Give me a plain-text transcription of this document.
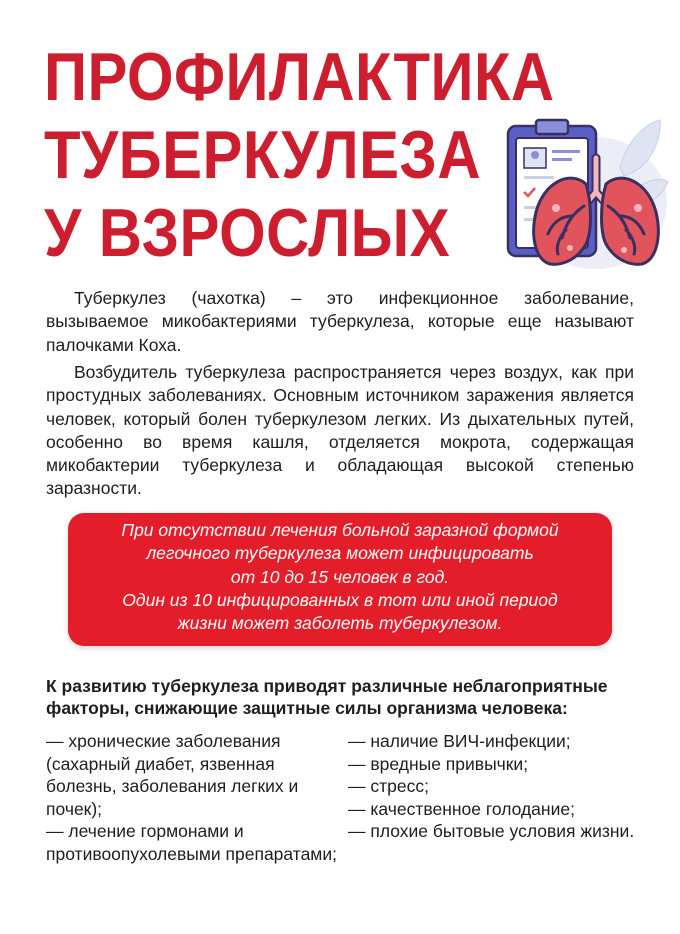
ПРОФИЛАКТИКА
ТУБЕРКУЛЕЗА
У ВЗРОСЛЫХ

Туберкулез (чахотка) – это инфекционное заболевание, вызываемое микобактериями туберкулеза, которые еще называют палочками Коха.

Возбудитель туберкулеза распространяется через воздух, как при простудных заболеваниях. Основным источником заражения является человек, который болен туберкулезом легких. Из дыхательных путей, особенно во время кашля, отделяется мокрота, содержащая микобактерии туберкулеза и обладающая высокой степенью заразности.

При отсутствии лечения больной заразной формой
легочного туберкулеза может инфицировать
от 10 до 15 человек в год.
Один из 10 инфицированных в тот или иной период
жизни может заболеть туберкулезом.

К развитию туберкулеза приводят различные неблагоприятные
факторы, снижающие защитные силы организма человека:

— хронические заболевания (сахарный диабет, язвенная болезнь, заболевания легких и почек);
— лечение гормонами и противоопухолевыми препаратами;
— наличие ВИЧ-инфекции;
— вредные привычки;
— стресс;
— качественное голодание;
— плохие бытовые условия жизни.
